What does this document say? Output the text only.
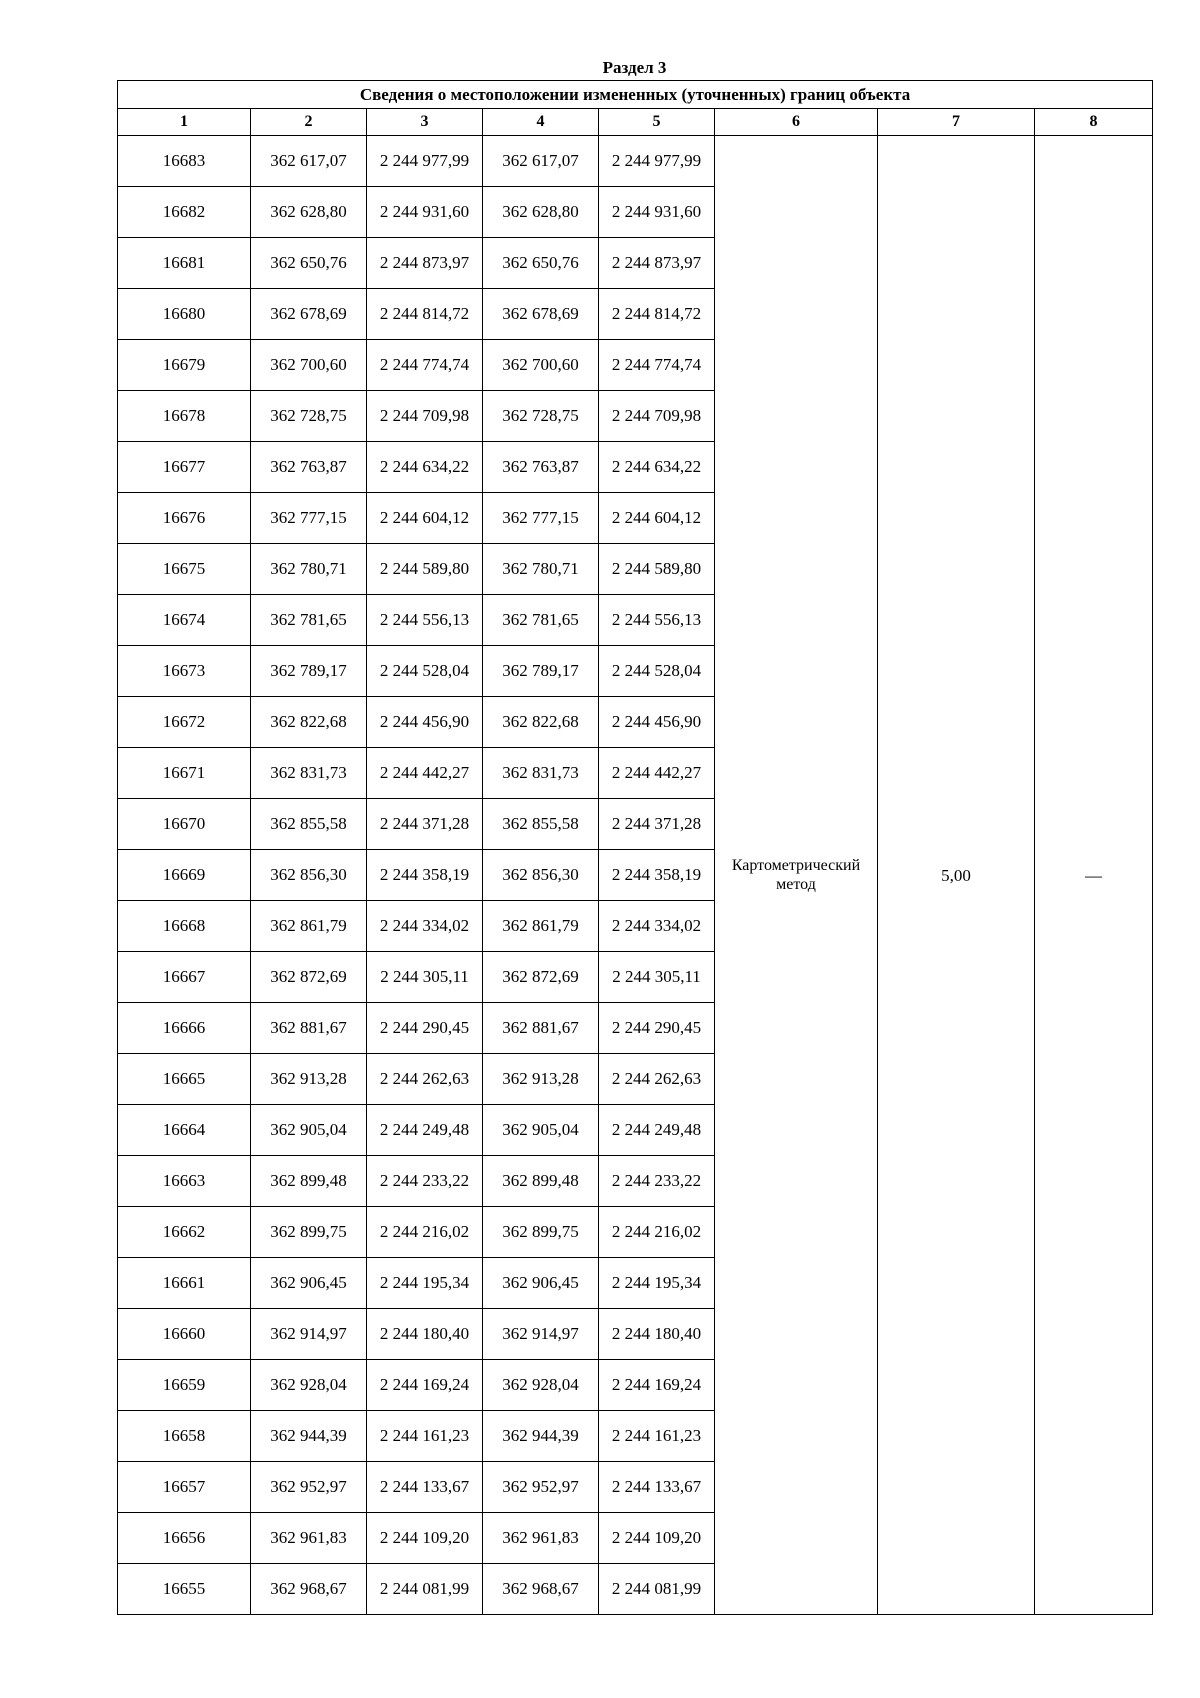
Раздел 3
Сведения о местоположении измененных (уточненных) границ объекта							
1	2	3	4	5	6	7	8
16683	362 617,07	2 244 977,99	362 617,07	2 244 977,99	Картометрический метод	5,00	—
16682	362 628,80	2 244 931,60	362 628,80	2 244 931,60			
16681	362 650,76	2 244 873,97	362 650,76	2 244 873,97			
16680	362 678,69	2 244 814,72	362 678,69	2 244 814,72			
16679	362 700,60	2 244 774,74	362 700,60	2 244 774,74			
16678	362 728,75	2 244 709,98	362 728,75	2 244 709,98			
16677	362 763,87	2 244 634,22	362 763,87	2 244 634,22			
16676	362 777,15	2 244 604,12	362 777,15	2 244 604,12			
16675	362 780,71	2 244 589,80	362 780,71	2 244 589,80			
16674	362 781,65	2 244 556,13	362 781,65	2 244 556,13			
16673	362 789,17	2 244 528,04	362 789,17	2 244 528,04			
16672	362 822,68	2 244 456,90	362 822,68	2 244 456,90			
16671	362 831,73	2 244 442,27	362 831,73	2 244 442,27			
16670	362 855,58	2 244 371,28	362 855,58	2 244 371,28			
16669	362 856,30	2 244 358,19	362 856,30	2 244 358,19			
16668	362 861,79	2 244 334,02	362 861,79	2 244 334,02			
16667	362 872,69	2 244 305,11	362 872,69	2 244 305,11			
16666	362 881,67	2 244 290,45	362 881,67	2 244 290,45			
16665	362 913,28	2 244 262,63	362 913,28	2 244 262,63			
16664	362 905,04	2 244 249,48	362 905,04	2 244 249,48			
16663	362 899,48	2 244 233,22	362 899,48	2 244 233,22			
16662	362 899,75	2 244 216,02	362 899,75	2 244 216,02			
16661	362 906,45	2 244 195,34	362 906,45	2 244 195,34			
16660	362 914,97	2 244 180,40	362 914,97	2 244 180,40			
16659	362 928,04	2 244 169,24	362 928,04	2 244 169,24			
16658	362 944,39	2 244 161,23	362 944,39	2 244 161,23			
16657	362 952,97	2 244 133,67	362 952,97	2 244 133,67			
16656	362 961,83	2 244 109,20	362 961,83	2 244 109,20			
16655	362 968,67	2 244 081,99	362 968,67	2 244 081,99			
